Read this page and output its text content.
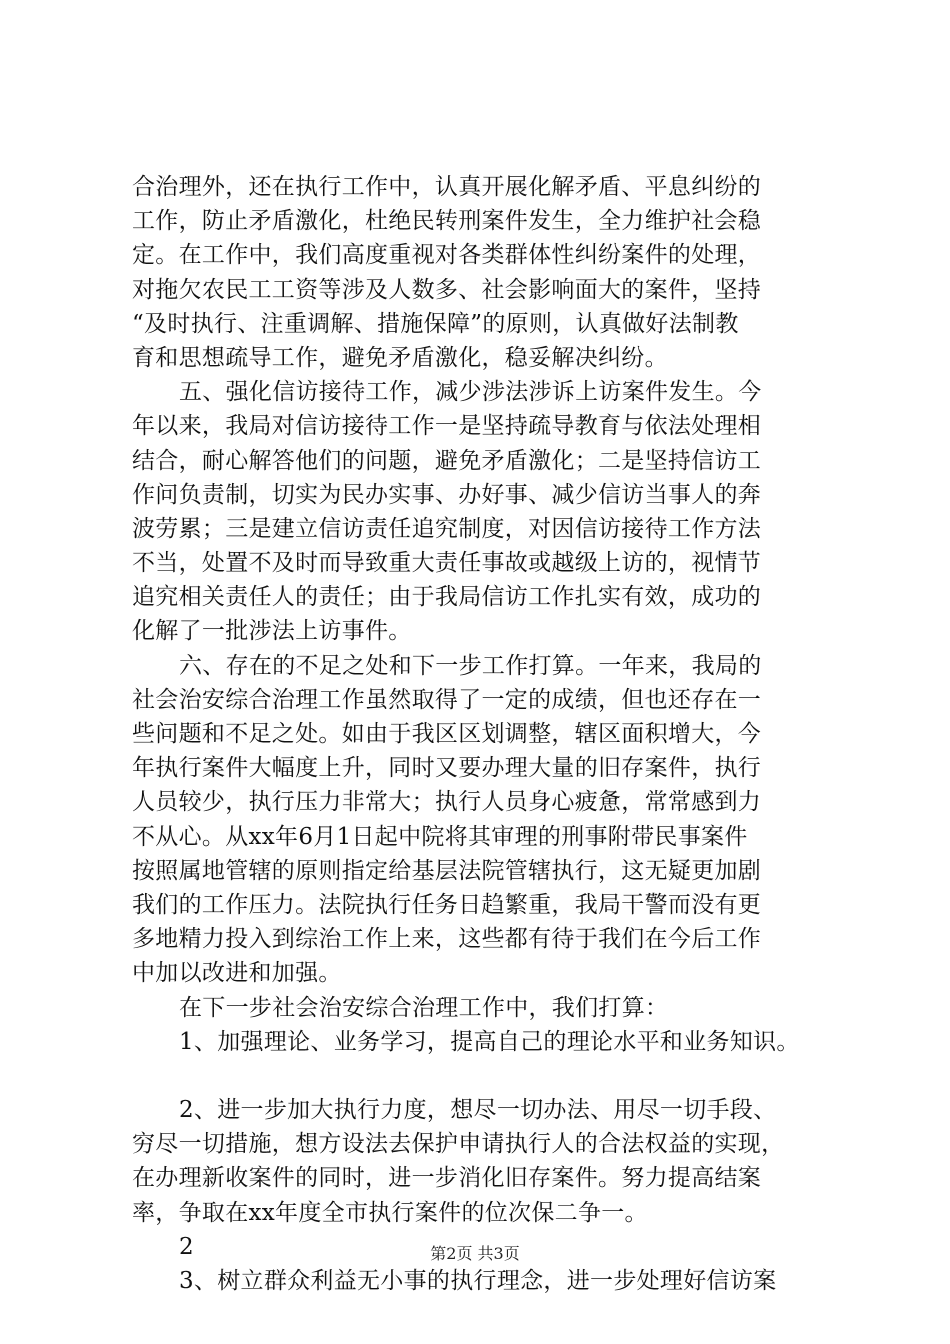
合治理外，还在执行工作中，认真开展化解矛盾、平息纠纷的
工作，防止矛盾激化，杜绝民转刑案件发生，全力维护社会稳
定。在工作中，我们高度重视对各类群体性纠纷案件的处理，
对拖欠农民工工资等涉及人数多、社会影响面大的案件，坚持
“及时执行、注重调解、措施保障”的原则，认真做好法制教
育和思想疏导工作，避免矛盾激化，稳妥解决纠纷。
五、强化信访接待工作，减少涉法涉诉上访案件发生。今
年以来，我局对信访接待工作一是坚持疏导教育与依法处理相
结合，耐心解答他们的问题，避免矛盾激化；二是坚持信访工
作问负责制，切实为民办实事、办好事、减少信访当事人的奔
波劳累；三是建立信访责任追究制度，对因信访接待工作方法
不当，处置不及时而导致重大责任事故或越级上访的，视情节
追究相关责任人的责任；由于我局信访工作扎实有效，成功的
化解了一批涉法上访事件。
六、存在的不足之处和下一步工作打算。一年来，我局的
社会治安综合治理工作虽然取得了一定的成绩，但也还存在一
些问题和不足之处。如由于我区区划调整，辖区面积增大，今
年执行案件大幅度上升，同时又要办理大量的旧存案件，执行
人员较少，执行压力非常大；执行人员身心疲惫，常常感到力
不从心。从xx年6月1日起中院将其审理的刑事附带民事案件
按照属地管辖的原则指定给基层法院管辖执行，这无疑更加剧
我们的工作压力。法院执行任务日趋繁重，我局干警而没有更
多地精力投入到综治工作上来，这些都有待于我们在今后工作
中加以改进和加强。
在下一步社会治安综合治理工作中，我们打算：
1、加强理论、业务学习，提高自己的理论水平和业务知识。
2、进一步加大执行力度，想尽一切办法、用尽一切手段、
穷尽一切措施，想方设法去保护申请执行人的合法权益的实现，
在办理新收案件的同时，进一步消化旧存案件。努力提高结案
率，争取在xx年度全市执行案件的位次保二争一。
2
3、树立群众利益无小事的执行理念，进一步处理好信访案
第2页 共3页
